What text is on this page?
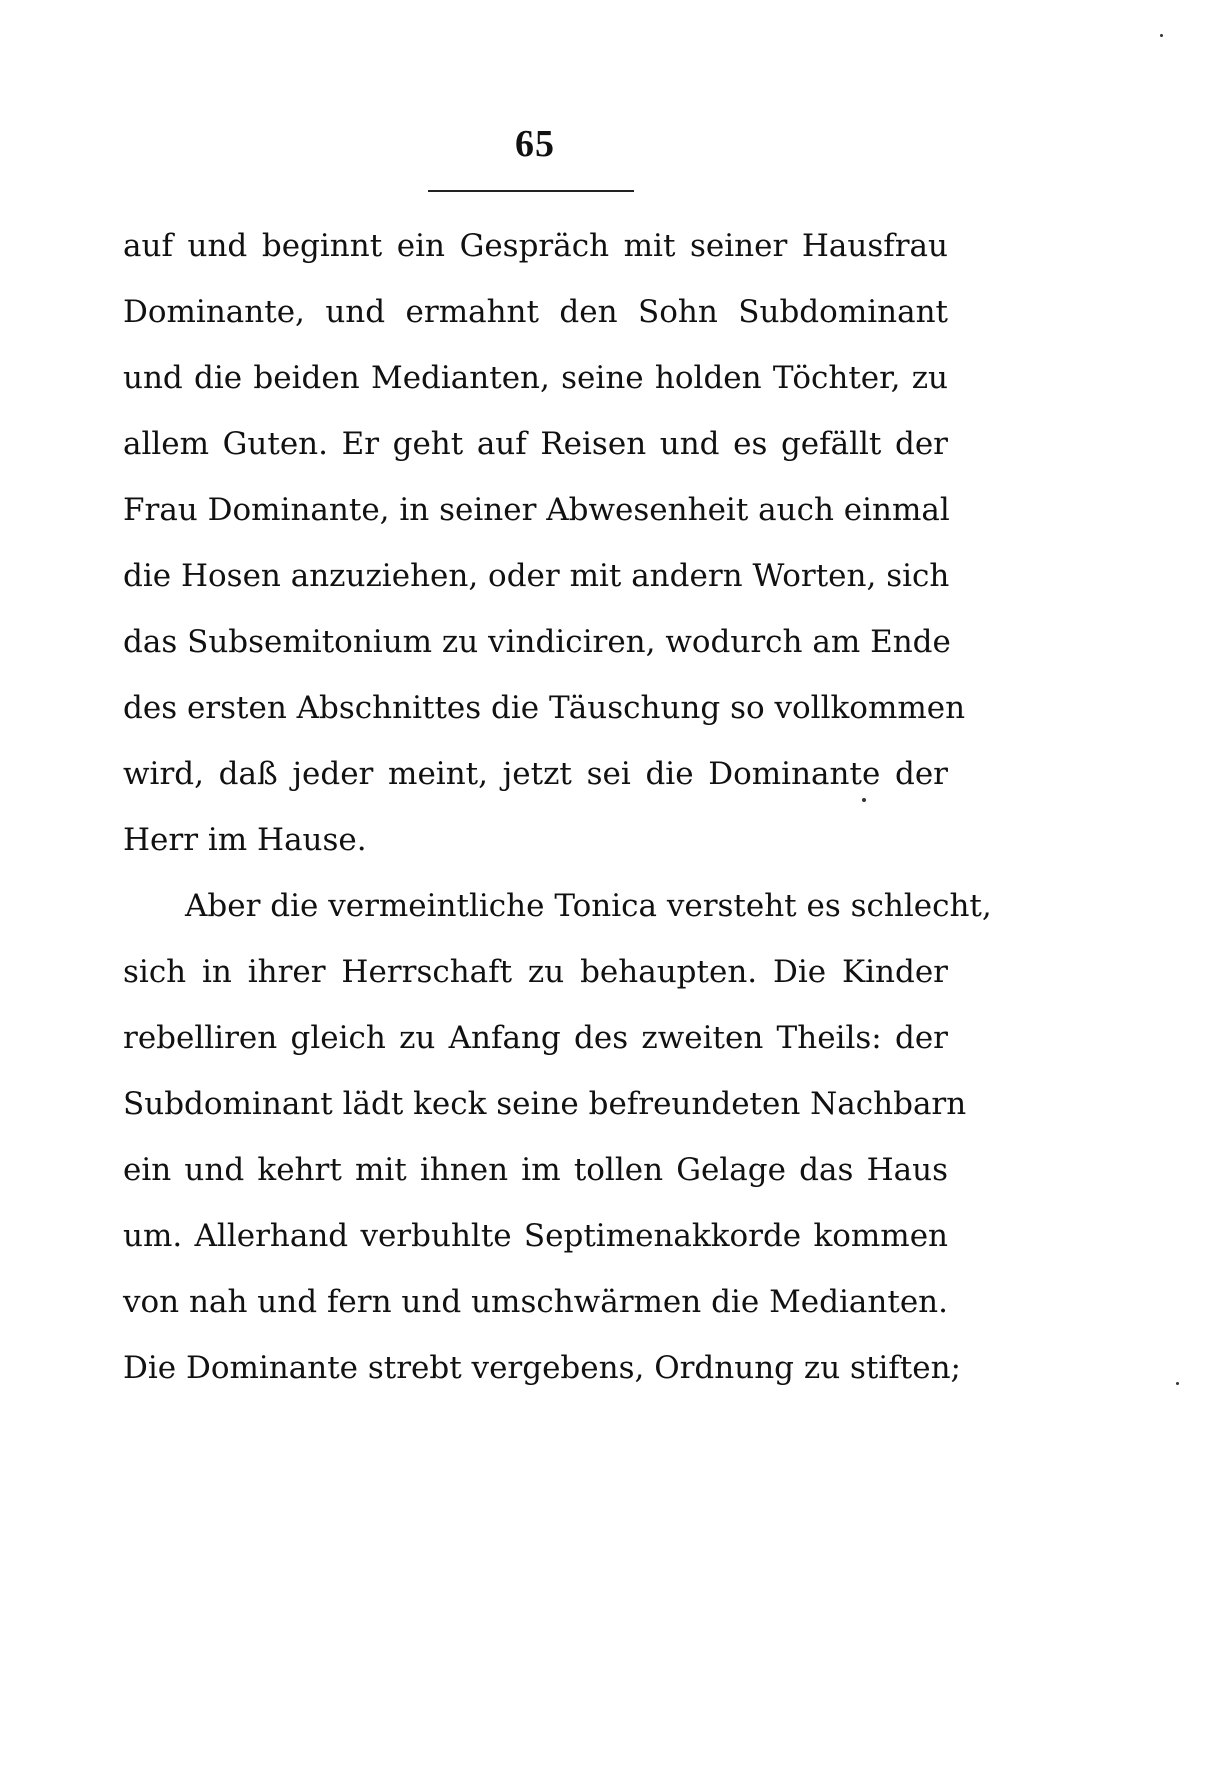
65
auf und beginnt ein Gespräch mit seiner Hausfrau
Dominante, und ermahnt den Sohn Subdominant
und die beiden Medianten, seine holden Töchter, zu
allem Guten. Er geht auf Reisen und es gefällt der
Frau Dominante, in seiner Abwesenheit auch einmal
die Hosen anzuziehen, oder mit andern Worten, sich
das Subsemitonium zu vindiciren, wodurch am Ende
des ersten Abschnittes die Täuschung so vollkommen
wird, daß jeder meint, jetzt sei die Dominante der
Herr im Hause.
Aber die vermeintliche Tonica versteht es schlecht,
sich in ihrer Herrschaft zu behaupten. Die Kinder
rebelliren gleich zu Anfang des zweiten Theils: der
Subdominant lädt keck seine befreundeten Nachbarn
ein und kehrt mit ihnen im tollen Gelage das Haus
um. Allerhand verbuhlte Septimenakkorde kommen
von nah und fern und umschwärmen die Medianten.
Die Dominante strebt vergebens, Ordnung zu stiften;
